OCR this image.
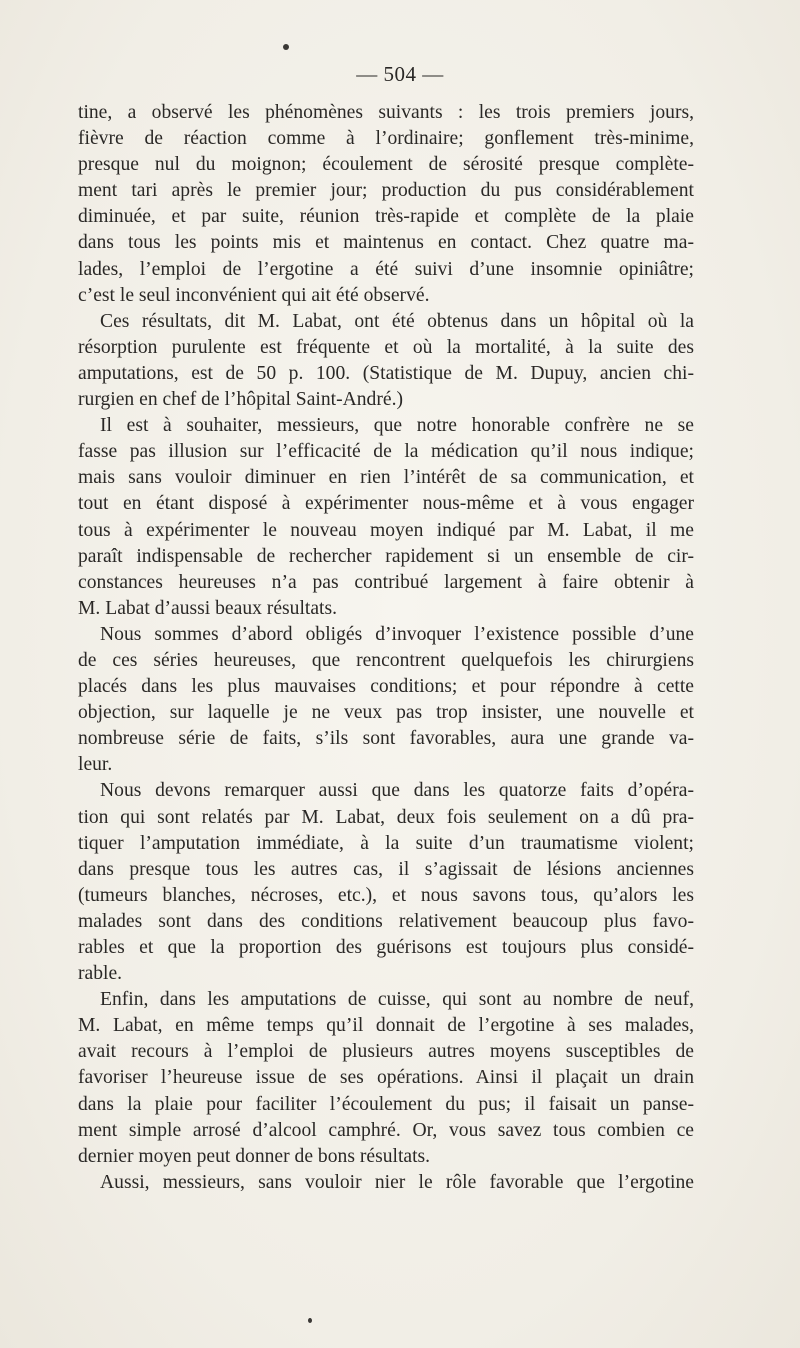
— 504 —
tine, a observé les phénomènes suivants : les trois premiers jours,
fièvre de réaction comme à l’ordinaire; gonflement très-minime,
presque nul du moignon; écoulement de sérosité presque complète-
ment tari après le premier jour; production du pus considérablement
diminuée, et par suite, réunion très-rapide et complète de la plaie
dans tous les points mis et maintenus en contact. Chez quatre ma-
lades, l’emploi de l’ergotine a été suivi d’une insomnie opiniâtre;
c’est le seul inconvénient qui ait été observé.
Ces résultats, dit M. Labat, ont été obtenus dans un hôpital où la
résorption purulente est fréquente et où la mortalité, à la suite des
amputations, est de 50 p. 100. (Statistique de M. Dupuy, ancien chi-
rurgien en chef de l’hôpital Saint-André.)
Il est à souhaiter, messieurs, que notre honorable confrère ne se
fasse pas illusion sur l’efficacité de la médication qu’il nous indique;
mais sans vouloir diminuer en rien l’intérêt de sa communication, et
tout en étant disposé à expérimenter nous-même et à vous engager
tous à expérimenter le nouveau moyen indiqué par M. Labat, il me
paraît indispensable de rechercher rapidement si un ensemble de cir-
constances heureuses n’a pas contribué largement à faire obtenir à
M. Labat d’aussi beaux résultats.
Nous sommes d’abord obligés d’invoquer l’existence possible d’une
de ces séries heureuses, que rencontrent quelquefois les chirurgiens
placés dans les plus mauvaises conditions; et pour répondre à cette
objection, sur laquelle je ne veux pas trop insister, une nouvelle et
nombreuse série de faits, s’ils sont favorables, aura une grande va-
leur.
Nous devons remarquer aussi que dans les quatorze faits d’opéra-
tion qui sont relatés par M. Labat, deux fois seulement on a dû pra-
tiquer l’amputation immédiate, à la suite d’un traumatisme violent;
dans presque tous les autres cas, il s’agissait de lésions anciennes
(tumeurs blanches, nécroses, etc.), et nous savons tous, qu’alors les
malades sont dans des conditions relativement beaucoup plus favo-
rables et que la proportion des guérisons est toujours plus considé-
rable.
Enfin, dans les amputations de cuisse, qui sont au nombre de neuf,
M. Labat, en même temps qu’il donnait de l’ergotine à ses malades,
avait recours à l’emploi de plusieurs autres moyens susceptibles de
favoriser l’heureuse issue de ses opérations. Ainsi il plaçait un drain
dans la plaie pour faciliter l’écoulement du pus; il faisait un panse-
ment simple arrosé d’alcool camphré. Or, vous savez tous combien ce
dernier moyen peut donner de bons résultats.
Aussi, messieurs, sans vouloir nier le rôle favorable que l’ergotine
